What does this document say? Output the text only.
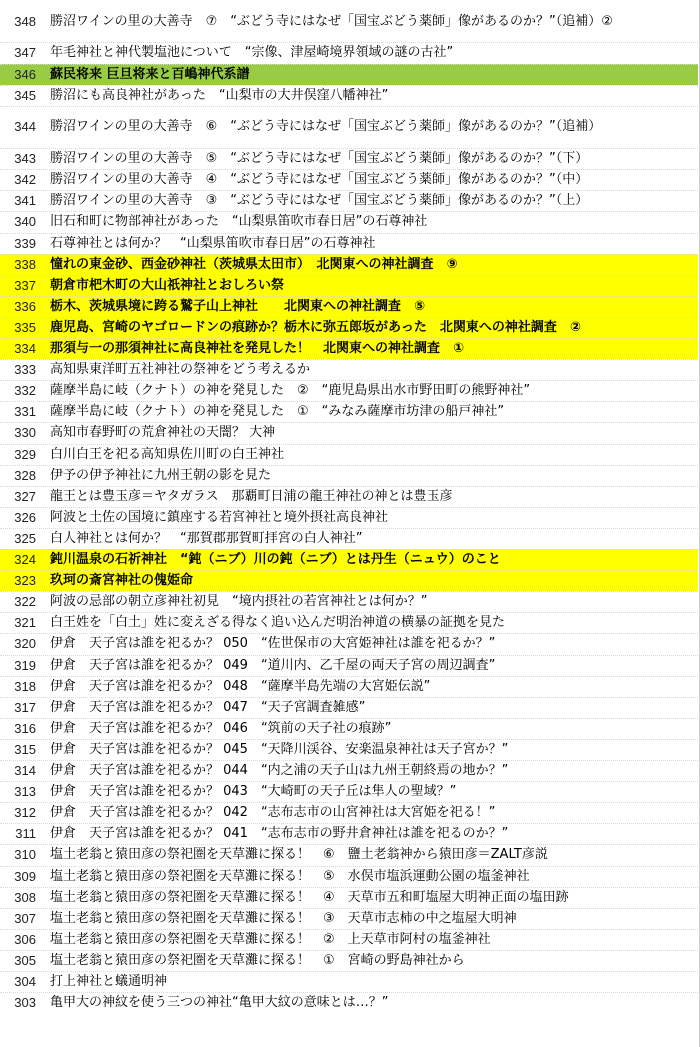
348	勝沼ワインの里の大善寺　⑦　“ぶどう寺にはなぜ「国宝ぶどう薬師」像があるのか？”（追補）②
347	年毛神社と神代製塩池について　“宗像、津屋崎境界領域の謎の古社”
346	蘇民将来 巨旦将来と百嶋神代系譜
345	勝沼にも高良神社があった　“山梨市の大井俣窪八幡神社”
344	勝沼ワインの里の大善寺　⑥　“ぶどう寺にはなぜ「国宝ぶどう薬師」像があるのか？”（追補）
343	勝沼ワインの里の大善寺　⑤　“ぶどう寺にはなぜ「国宝ぶどう薬師」像があるのか？”（下）
342	勝沼ワインの里の大善寺　④　“ぶどう寺にはなぜ「国宝ぶどう薬師」像があるのか？”（中）
341	勝沼ワインの里の大善寺　③　“ぶどう寺にはなぜ「国宝ぶどう薬師」像があるのか？”（上）
340	旧石和町に物部神社があった　“山梨県笛吹市春日居”の石尊神社
339	石尊神社とは何か？　“山梨県笛吹市春日居”の石尊神社
338	憧れの東金砂、西金砂神社（茨城県太田市）　北関東への神社調査　⑨
337	朝倉市杷木町の大山祇神社とおしろい祭
336	栃木、茨城県境に跨る鷲子山上神社　　北関東への神社調査　⑤
335	鹿児島、宮崎のヤゴロードンの痕跡か？栃木に弥五郎坂があった　北関東への神社調査　②
334	那須与一の那須神社に高良神社を発見した！　北関東への神社調査　①
333	高知県東洋町五社神社の祭神をどう考えるか
332	薩摩半島に岐（クナト）の神を発見した　②　“鹿児島県出水市野田町の熊野神社”
331	薩摩半島に岐（クナト）の神を発見した　①　“みなみ薩摩市坊津の船戸神社”
330	高知市春野町の荒倉神社の天闇？ 大神
329	白川白王を祀る高知県佐川町の白王神社
328	伊予の伊予神社に九州王朝の影を見た
327	龍王とは豊玉彦＝ヤタガラス　那覇町日浦の龍王神社の神とは豊玉彦
326	阿波と土佐の国境に鎮座する若宮神社と境外摂社高良神社
325	白人神社とは何か？　“那賀郡那賀町拝宮の白人神社”
324	鈍川温泉の石祈神社　“鈍（ニブ）川の鈍（ニブ）とは丹生（ニュウ）のこと
323	玖珂の斎宮神社の傀姫命
322	阿波の忌部の朝立彦神社初見　“境内摂社の若宮神社とは何か？”
321	白王姓を「白土」姓に変えざる得なく追い込んだ明治神道の横暴の証拠を見た
320	伊倉　天子宮は誰を祀るか？ 050　“佐世保市の大宮姫神社は誰を祀るか？”
319	伊倉　天子宮は誰を祀るか？ 049　“道川内、乙千屋の両天子宮の周辺調査”
318	伊倉　天子宮は誰を祀るか？ 048　“薩摩半島先端の大宮姫伝説”
317	伊倉　天子宮は誰を祀るか？ 047　“天子宮調査雑感”
316	伊倉　天子宮は誰を祀るか？ 046　“筑前の天子社の痕跡”
315	伊倉　天子宮は誰を祀るか？ 045　“天降川渓谷、安楽温泉神社は天子宮か？”
314	伊倉　天子宮は誰を祀るか？ 044　“内之浦の天子山は九州王朝終焉の地か？”
313	伊倉　天子宮は誰を祀るか？ 043　“大崎町の天子丘は隼人の聖域？”
312	伊倉　天子宮は誰を祀るか？ 042　“志布志市の山宮神社は大宮姫を祀る！”
311	伊倉　天子宮は誰を祀るか？ 041　“志布志市の野井倉神社は誰を祀るのか？”
310	塩土老翁と猿田彦の祭祀圏を天草灘に探る！　⑥　鹽土老翁神から猿田彦＝ZALT彦説
309	塩土老翁と猿田彦の祭祀圏を天草灘に探る！　⑤　水俣市塩浜運動公園の塩釜神社
308	塩土老翁と猿田彦の祭祀圏を天草灘に探る！　④　天草市五和町塩屋大明神正面の塩田跡
307	塩土老翁と猿田彦の祭祀圏を天草灘に探る！　③　天草市志柿の中之塩屋大明神
306	塩土老翁と猿田彦の祭祀圏を天草灘に探る！　②　上天草市阿村の塩釜神社
305	塩土老翁と猿田彦の祭祀圏を天草灘に探る！　①　宮崎の野島神社から
304	打上神社と蟻通明神
303	亀甲大の神紋を使う三つの神社“亀甲大紋の意味とは…？”
